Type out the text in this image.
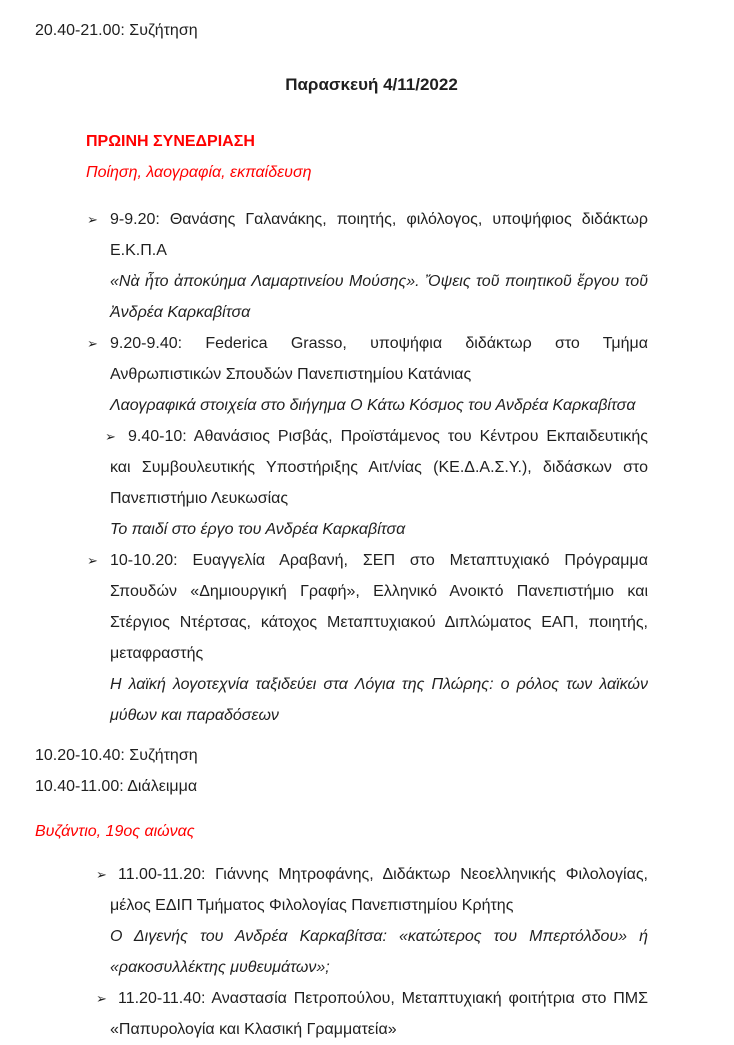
20.40-21.00: Συζήτηση

Παρασκευή 4/11/2022

ΠΡΩΙΝΗ ΣΥΝΕΔΡΙΑΣΗ

Ποίηση, λαογραφία, εκπαίδευση

➢ 9-9.20: Θανάσης Γαλανάκης, ποιητής, φιλόλογος, υποψήφιος διδάκτωρ Ε.Κ.Π.Α

«Νὰ ἦτο ἀποκύημα Λαμαρτινείου Μούσης». Ὄψεις τοῦ ποιητικοῦ ἔργου τοῦ Ἀνδρέα Καρκαβίτσα

➢ 9.20-9.40: Federica Grasso, υποψήφια διδάκτωρ στο Τμήμα Ανθρωπιστικών Σπουδών Πανεπιστημίου Κατάνιας

Λαογραφικά στοιχεία στο διήγημα Ο Κάτω Κόσμος του Ανδρέα Καρκαβίτσα

➢ 9.40-10: Αθανάσιος Ρισβάς, Προϊστάμενος του Κέντρου Εκπαιδευτικής και Συμβουλευτικής Υποστήριξης Αιτ/νίας (ΚΕ.Δ.Α.Σ.Υ.), διδάσκων στο Πανεπιστήμιο Λευκωσίας

Το παιδί στο έργο του Ανδρέα Καρκαβίτσα

➢ 10-10.20: Ευαγγελία Αραβανή, ΣΕΠ στο Μεταπτυχιακό Πρόγραμμα Σπουδών «Δημιουργική Γραφή», Ελληνικό Ανοικτό Πανεπιστήμιο και Στέργιος Ντέρτσας, κάτοχος Μεταπτυχιακού Διπλώματος ΕΑΠ, ποιητής, μεταφραστής

Η λαϊκή λογοτεχνία ταξιδεύει στα Λόγια της Πλώρης: ο ρόλος των λαϊκών μύθων και παραδόσεων

10.20-10.40: Συζήτηση

10.40-11.00: Διάλειμμα

Βυζάντιο, 19ος αιώνας

➢ 11.00-11.20: Γιάννης Μητροφάνης, Διδάκτωρ Νεοελληνικής Φιλολογίας, μέλος ΕΔΙΠ Τμήματος Φιλολογίας Πανεπιστημίου Κρήτης

Ο Διγενής του Ανδρέα Καρκαβίτσα: «κατώτερος του Μπερτόλδου» ή «ρακοσυλλέκτης μυθευμάτων»;

➢ 11.20-11.40: Αναστασία Πετροπούλου, Μεταπτυχιακή φοιτήτρια στο ΠΜΣ «Παπυρολογία και Κλασική Γραμματεία»
